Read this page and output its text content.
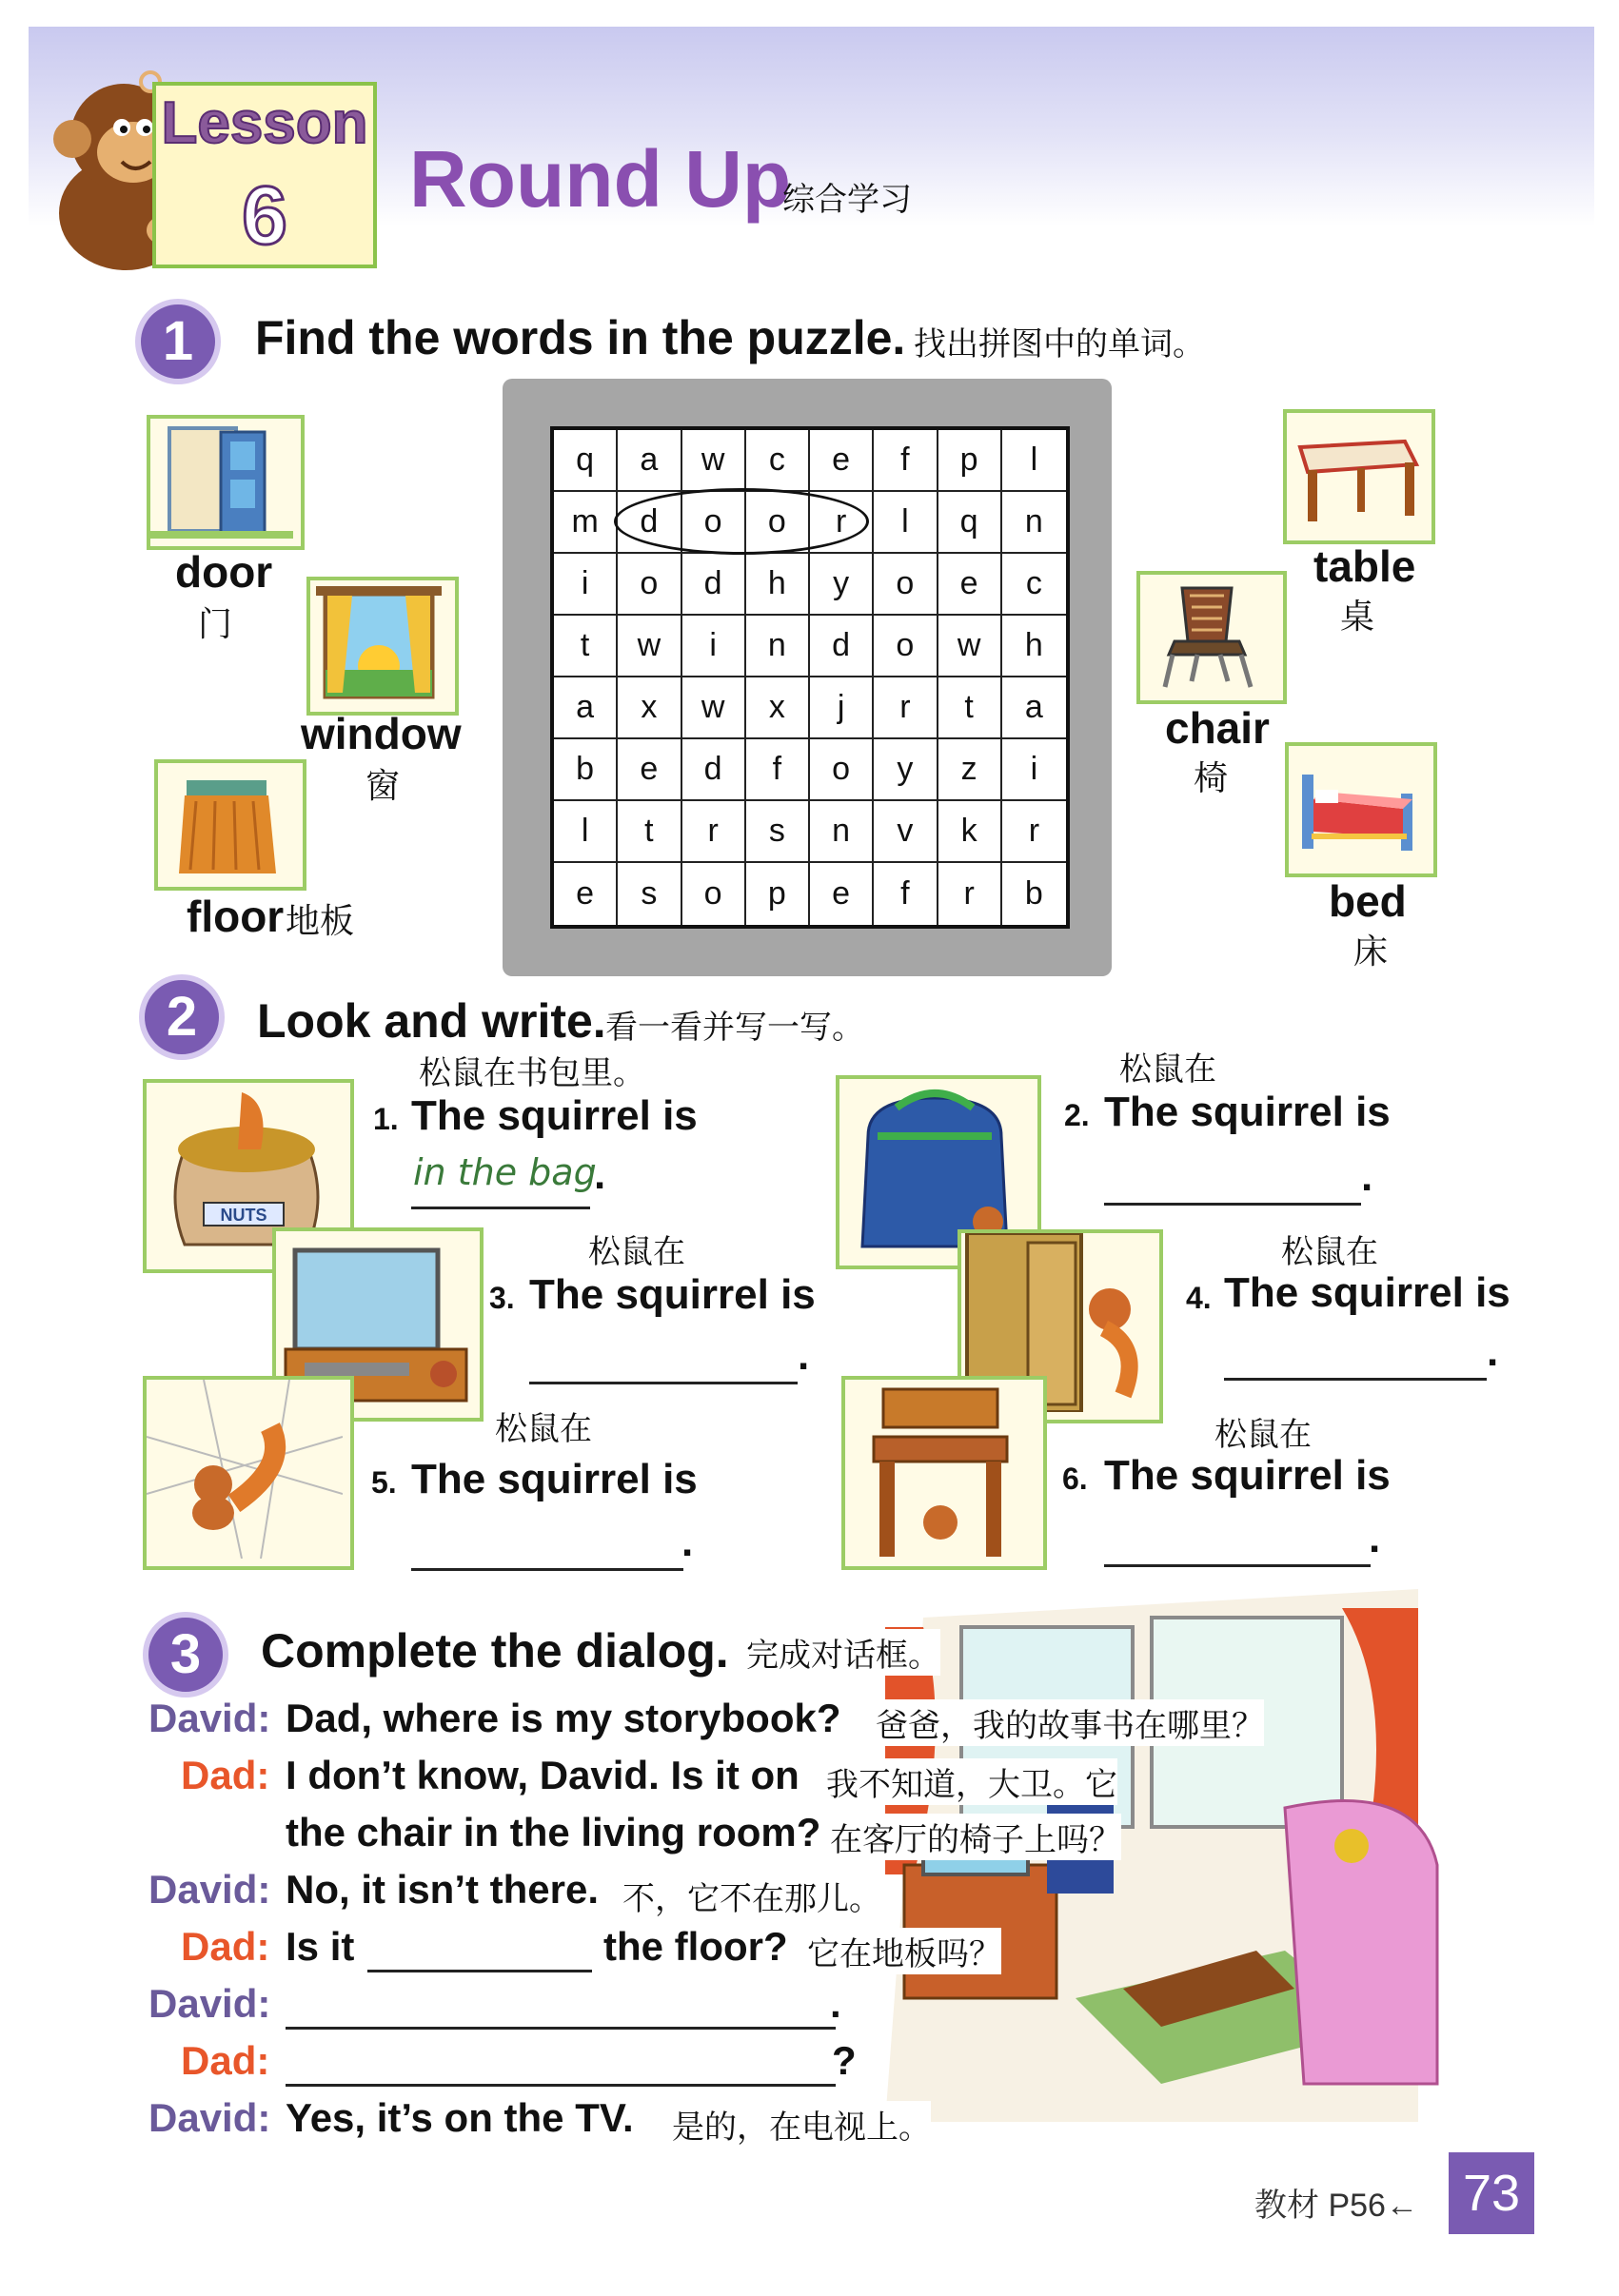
Lesson
6	Round Up
综合学习
1	Find the words in the puzzle. 找出拼图中的单词。
door
门
window
窗
floor 地板
q	a	w	c	e	f	p	l
m	d	o	o	r	l	q	n
i	o	d	h	y	o	e	c
t	w	i	n	d	o	w	h
a	x	w	x	j	r	t	a
b	e	d	f	o	y	z	i
l	t	r	s	n	v	k	r
e	s	o	p	e	f	r	b
table
桌
chair
椅
bed
床
2	Look and write. 看一看并写一写。
NUTS
松鼠在书包里。
1. The squirrel is
in the bag
.
松鼠在
2. The squirrel is
.
松鼠在
3. The squirrel is
.
松鼠在
4. The squirrel is
.
松鼠在
5. The squirrel is
.
松鼠在
6. The squirrel is
.
3	Complete the dialog. 完成对话框。
David: Dad, where is my storybook? 爸爸，我的故事书在哪里？
Dad: I don’t know, David. Is it on 我不知道，大卫。它
the chair in the living room? 在客厅的椅子上吗？
David: No, it isn’t there. 不，它不在那儿。
Dad: Is it	the floor? 它在地板吗？
David:	.
Dad:	?
David: Yes, it’s on the TV. 是的，在电视上。
教材 P56← 73
